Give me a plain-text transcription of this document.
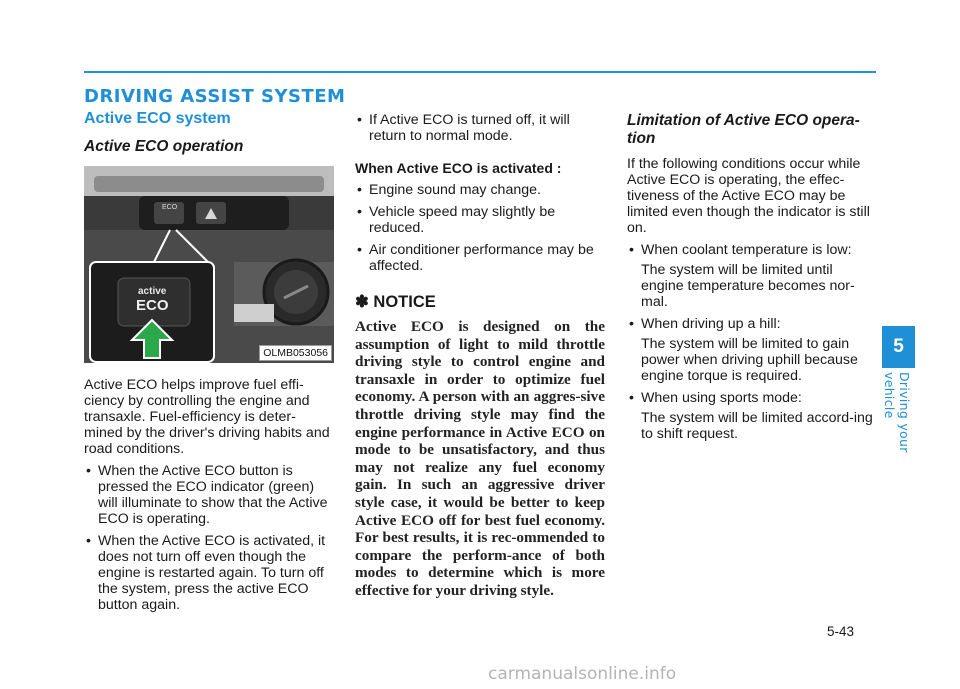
DRIVING ASSIST SYSTEM
Active ECO system
Active ECO operation
ECO
active
ECO
OLMB053056

Active ECO helps improve fuel effi-ciency by controlling the engine and transaxle. Fuel-efficiency is deter-mined by the driver's driving habits and road conditions.

• When the Active ECO button is pressed the ECO indicator (green) will illuminate to show that the Active ECO is operating.
• When the Active ECO is activated, it does not turn off even though the engine is restarted again. To turn off the system, press the active ECO button again.
• If Active ECO is turned off, it will return to normal mode.
When Active ECO is activated :
• Engine sound may change.
• Vehicle speed may slightly be reduced.
• Air conditioner performance may be affected.
✽ NOTICE

Active ECO is designed on the assumption of light to mild throttle driving style to control engine and transaxle in order to optimize fuel economy. A person with an aggres-sive throttle driving style may find the engine performance in Active ECO on mode to be unsatisfactory, and thus may not realize any fuel economy gain. In such an aggressive driver style case, it would be better to keep Active ECO off for best fuel economy. For best results, it is rec-ommended to compare the perform-ance of both modes to determine which is more effective for your driving style.

Limitation of Active ECO opera-tion

If the following conditions occur while Active ECO is operating, the effec-tiveness of the Active ECO may be limited even though the indicator is still on.

• When coolant temperature is low:
The system will be limited until engine temperature becomes nor-mal.
• When driving up a hill:
The system will be limited to gain power when driving uphill because engine torque is required.
• When using sports mode:
The system will be limited accord-ing to shift request.
5
Driving your vehicle
5-43
carmanualsonline.info
